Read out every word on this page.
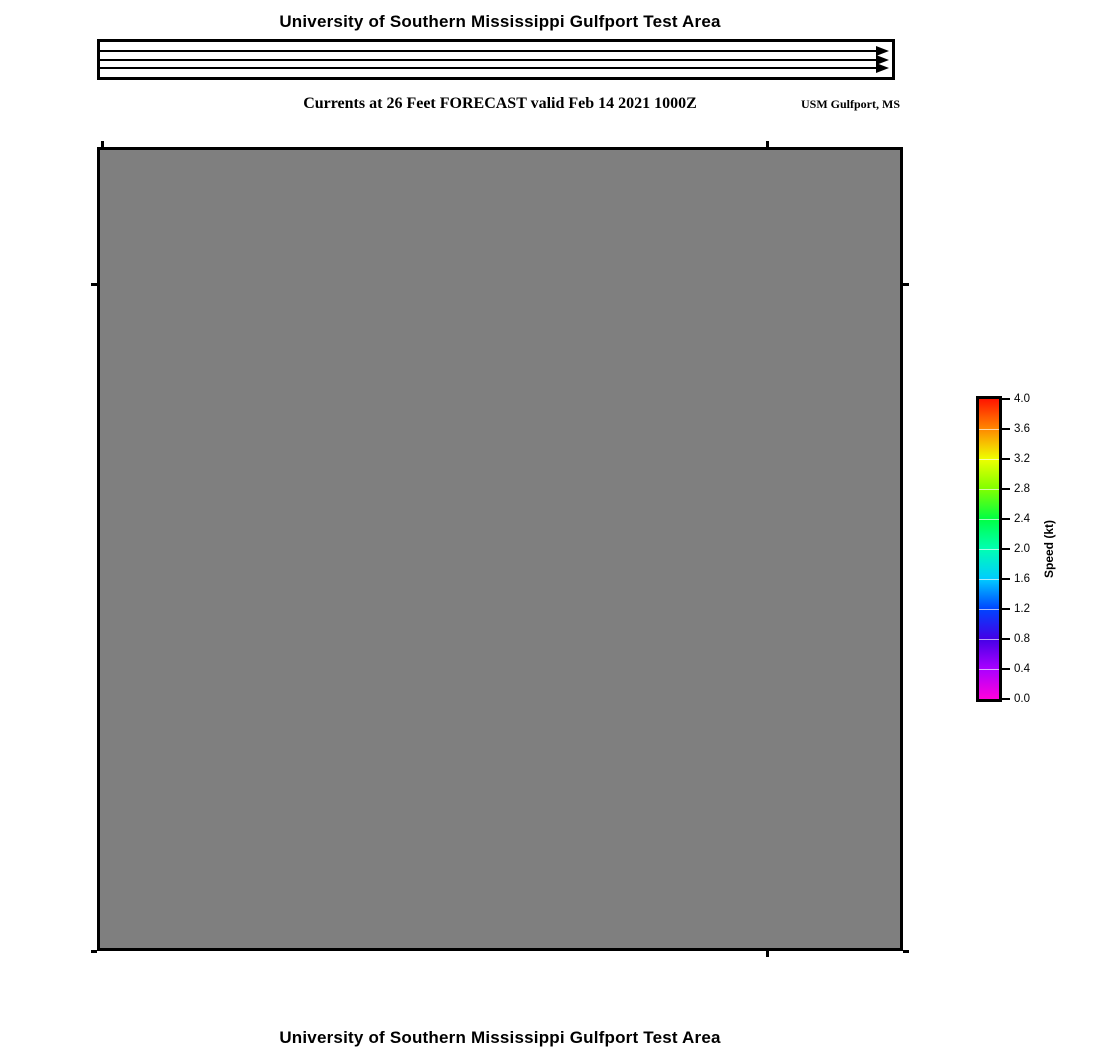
University of Southern Mississippi Gulfport Test Area
Currents at 26 Feet FORECAST valid Feb 14 2021 1000Z	USM Gulfport, MS
4.0
3.6
3.2
2.8
2.4
2.0
1.6
1.2
0.8
0.4
0.0
Speed (kt)
University of Southern Mississippi Gulfport Test Area
